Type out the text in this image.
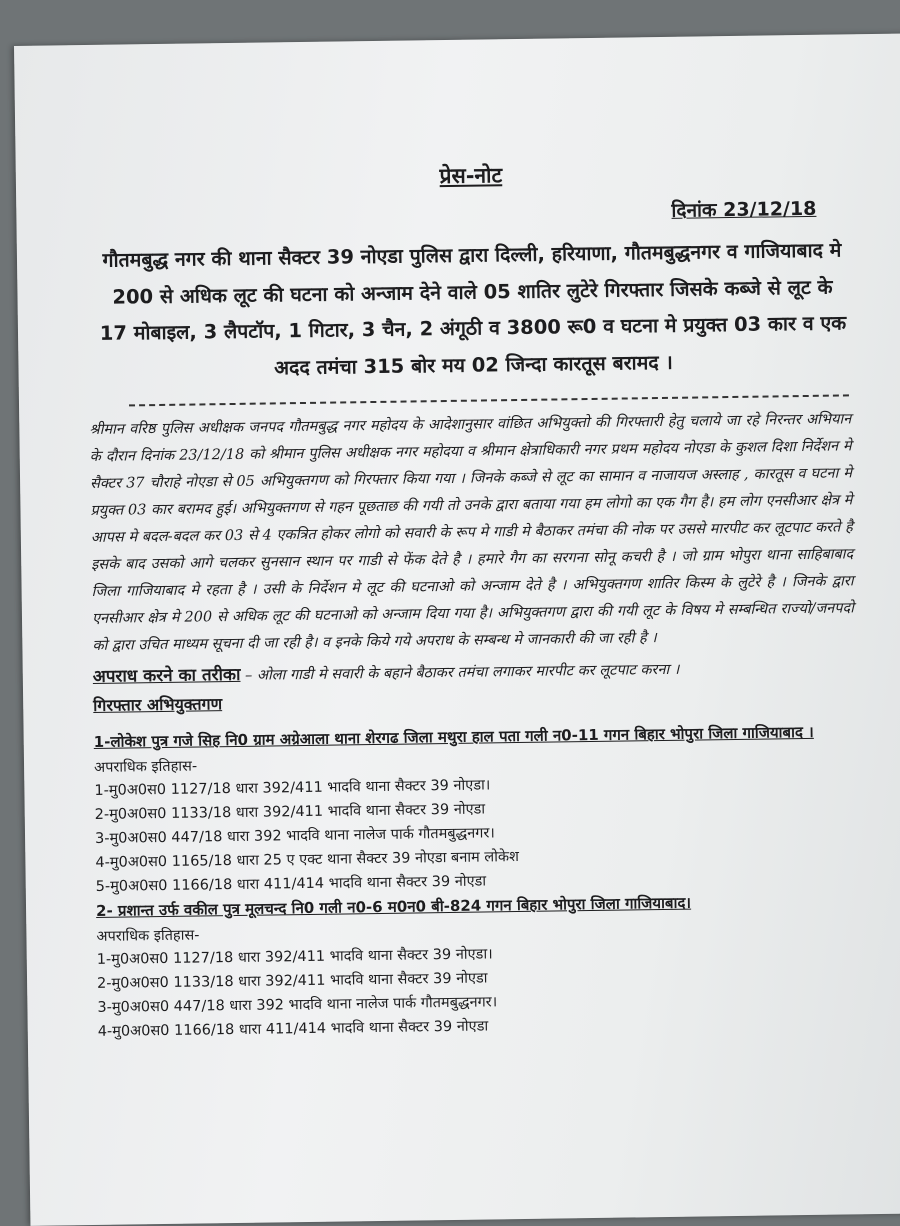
प्रेस-नोट
दिनांक 23/12/18
गौतमबुद्ध नगर की थाना सैक्टर 39 नोएडा पुलिस द्वारा दिल्ली, हरियाणा, गौतमबुद्धनगर व गाजियाबाद मे 200 से अधिक लूट की घटना को अन्जाम देने वाले 05 शातिर लुटेरे गिरफ्तार जिसके कब्जे से लूट के 17 मोबाइल, 3 लैपटॉप, 1 गिटार, 3 चैन, 2 अंगूठी व 3800 रू0 व घटना मे प्रयुक्त 03 कार व एक अदद तमंचा 315 बोर मय 02 जिन्दा कारतूस बरामद ।
श्रीमान वरिष्ठ पुलिस अधीक्षक जनपद गौतमबुद्ध नगर महोदय के आदेशानुसार वांछित अभियुक्तो की गिरफ्तारी हेतु चलाये जा रहे निरन्तर अभियान के दौरान दिनांक 23/12/18 को श्रीमान पुलिस अधीक्षक नगर महोदया व श्रीमान क्षेत्राधिकारी नगर प्रथम महोदय नोएडा के कुशल दिशा निर्देशन मे सैक्टर 37 चौराहे नोएडा से 05 अभियुक्तगण को गिरफ्तार किया गया । जिनके कब्जे से लूट का सामान व नाजायज अस्लाह , कारतूस व घटना मे प्रयुक्त 03 कार बरामद हुई। अभियुक्तगण से गहन पूछताछ की गयी तो उनके द्वारा बताया गया हम लोगो का एक गैग है। हम लोग एनसीआर क्षेत्र मे आपस मे बदल-बदल कर 03 से 4 एकत्रित होकर लोगो को सवारी के रूप मे गाडी मे बैठाकर तमंचा की नोक पर उससे मारपीट कर लूटपाट करते है इसके बाद उसको आगे चलकर सुनसान स्थान पर गाडी से फेंक देते है । हमारे गैग का सरगना सोनू कचरी है । जो ग्राम भोपुरा थाना साहिबाबाद जिला गाजियाबाद मे रहता है । उसी के निर्देशन मे लूट की घटनाओ को अन्जाम देते है । अभियुक्तगण शातिर किस्म के लुटेरे है । जिनके द्वारा एनसीआर क्षेत्र मे 200 से अधिक लूट की घटनाओ को अन्जाम दिया गया है। अभियुक्तगण द्वारा की गयी लूट के विषय मे सम्बन्धित राज्यो/जनपदो को द्वारा उचित माध्यम सूचना दी जा रही है। व इनके किये गये अपराध के सम्बन्ध मे जानकारी की जा रही है ।
अपराध करने का तरीका – ओला गाडी मे सवारी के बहाने बैठाकर तमंचा लगाकर मारपीट कर लूटपाट करना ।
गिरफ्तार अभियुक्तगण
1-लोकेश पुत्र गजे सिह नि0 ग्राम अग्रेआला थाना शेरगढ जिला मथुरा हाल पता गली न0-11 गगन बिहार भोपुरा जिला गाजियाबाद ।
अपराधिक इतिहास-
1-मु0अ0स0 1127/18 धारा 392/411 भादवि थाना सैक्टर 39 नोएडा।
2-मु0अ0स0 1133/18 धारा 392/411 भादवि थाना सैक्टर 39 नोएडा
3-मु0अ0स0 447/18 धारा 392 भादवि थाना नालेज पार्क गौतमबुद्धनगर।
4-मु0अ0स0 1165/18 धारा 25 ए एक्ट थाना सैक्टर 39 नोएडा बनाम लोकेश
5-मु0अ0स0 1166/18 धारा 411/414 भादवि थाना सैक्टर 39 नोएडा
2- प्रशान्त उर्फ वकील पुत्र मूलचन्द नि0 गली न0-6 म0न0 बी-824 गगन बिहार भोपुरा जिला गाजियाबाद।
अपराधिक इतिहास-
1-मु0अ0स0 1127/18 धारा 392/411 भादवि थाना सैक्टर 39 नोएडा।
2-मु0अ0स0 1133/18 धारा 392/411 भादवि थाना सैक्टर 39 नोएडा
3-मु0अ0स0 447/18 धारा 392 भादवि थाना नालेज पार्क गौतमबुद्धनगर।
4-मु0अ0स0 1166/18 धारा 411/414 भादवि थाना सैक्टर 39 नोएडा
